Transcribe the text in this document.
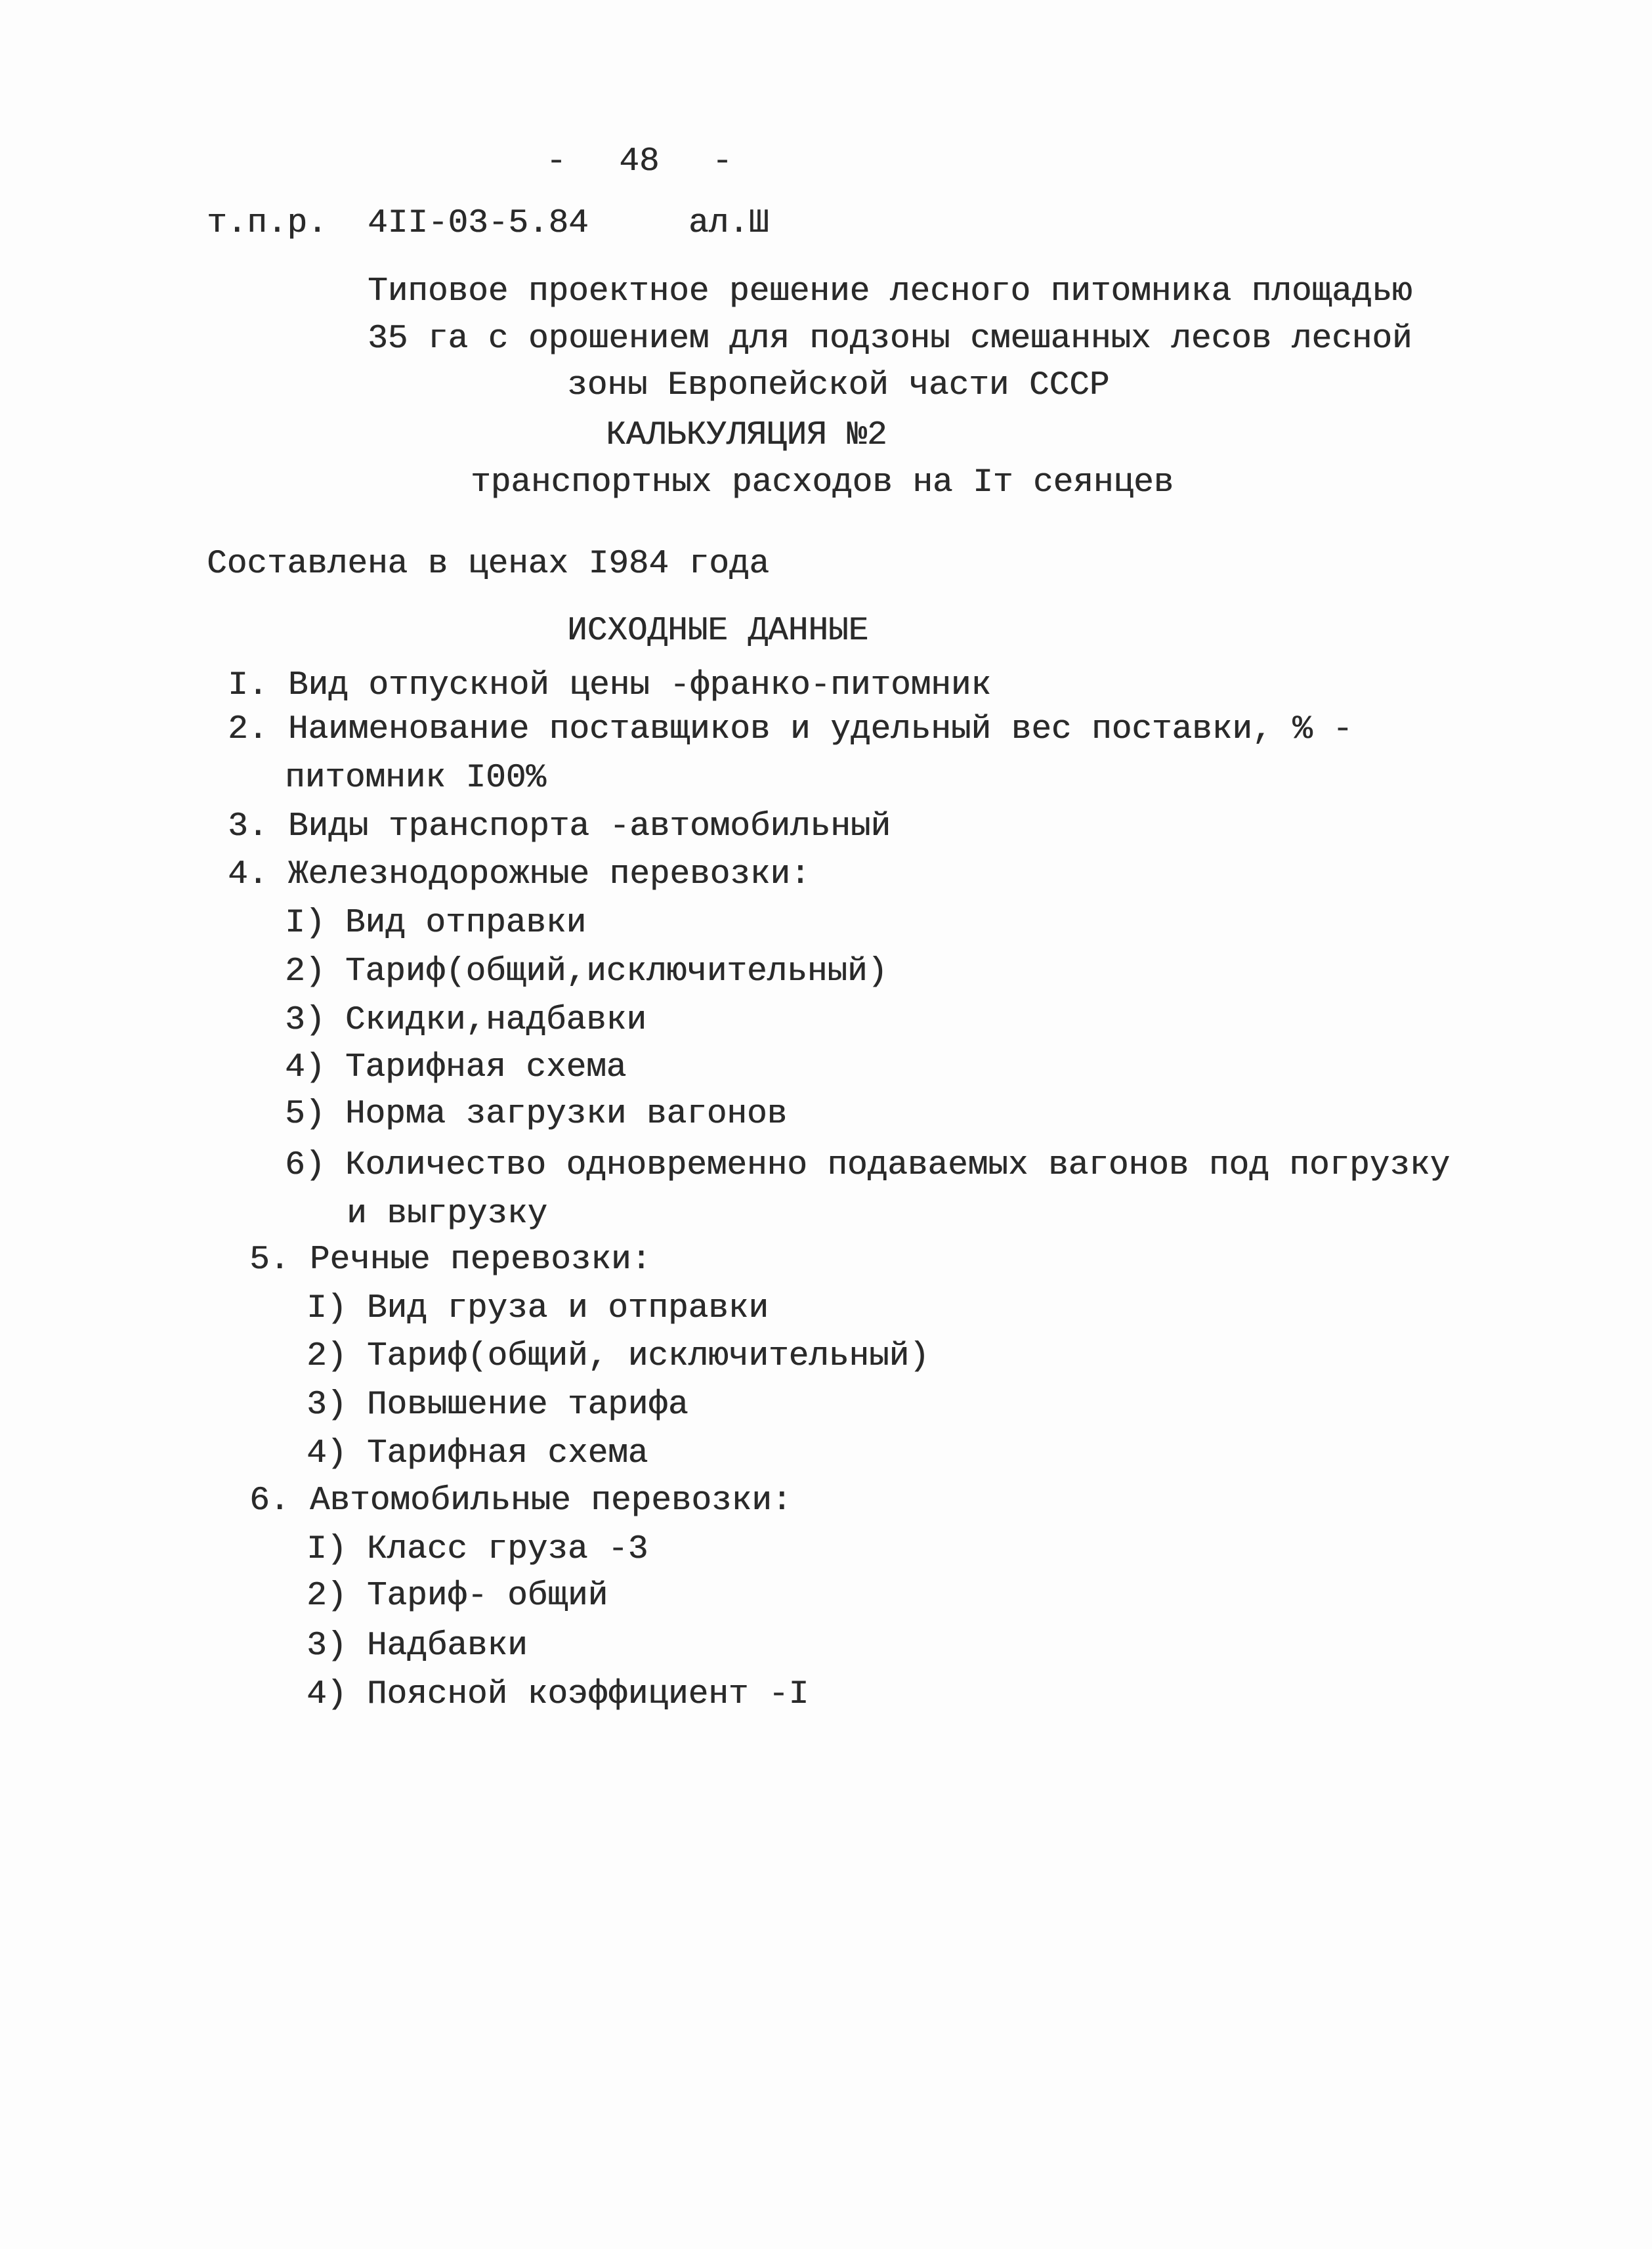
- 48 -
т.п.р. 4II-03-5.84	ал.Ш
Типовое проектное решение лесного питомника площадью
35 га с орошением для подзоны смешанных лесов лесной
зоны Европейской части СССР
КАЛЬКУЛЯЦИЯ №2
транспортных расходов на Iт сеянцев
Составлена в ценах I984 года
ИСХОДНЫЕ ДАННЫЕ
I. Вид отпускной цены -франко-питомник
2. Наименование поставщиков и удельный вес поставки, % -
питомник I00%
3. Виды транспорта -автомобильный
4. Железнодорожные перевозки:
I) Вид отправки
2) Тариф(общий,исключительный)
3) Скидки,надбавки
4) Тарифная схема
5) Норма загрузки вагонов
6) Количество одновременно подаваемых вагонов под погрузку
и выгрузку
5. Речные перевозки:
I) Вид груза и отправки
2) Тариф(общий, исключительный)
3) Повышение тарифа
4) Тарифная схема
6. Автомобильные перевозки:
I) Класс груза -3
2) Тариф- общий
3) Надбавки
4) Поясной коэффициент -I
